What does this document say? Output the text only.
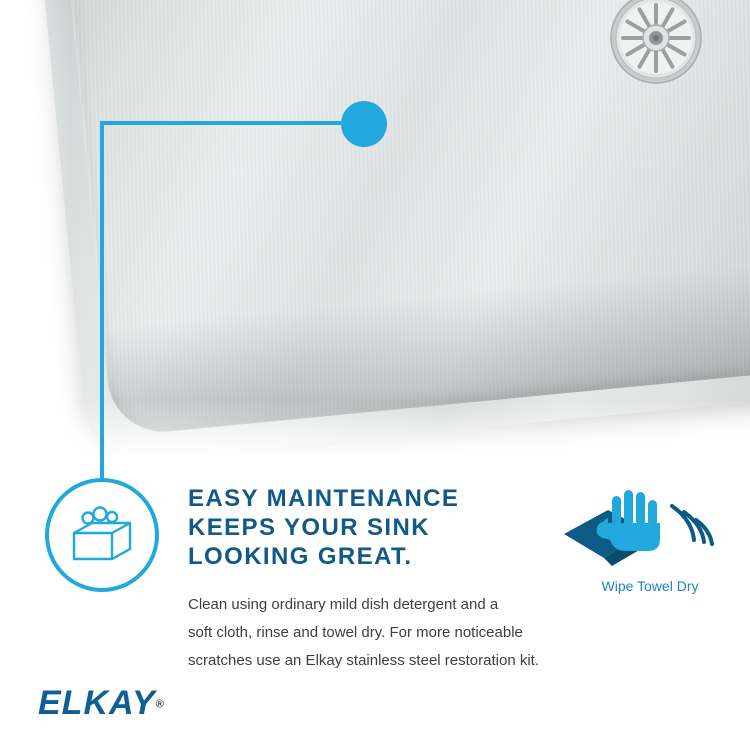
EASY MAINTENANCE
KEEPS YOUR SINK
LOOKING GREAT.
Clean using ordinary mild dish detergent and a
soft cloth, rinse and towel dry. For more noticeable
scratches use an Elkay stainless steel restoration kit.
Wipe Towel Dry
ELKAY®
